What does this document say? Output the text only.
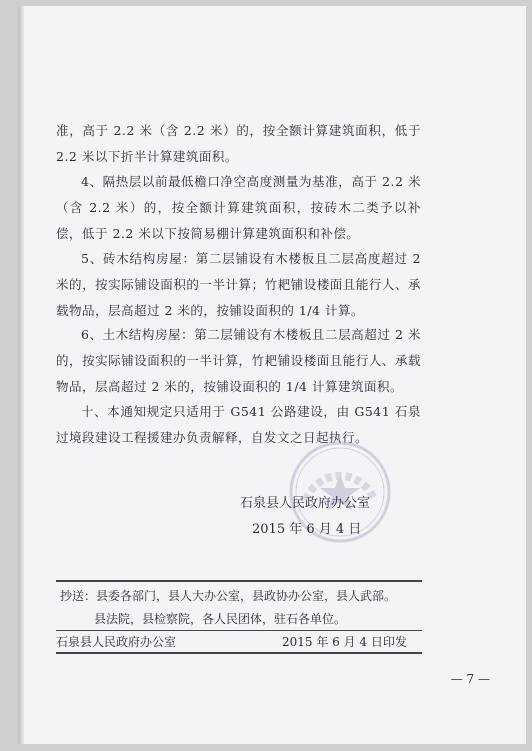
准，高于 2.2 米（含 2.2 米）的，按全额计算建筑面积，低于 2.2 米以下折半计算建筑面积。

4、隔热层以前最低檐口净空高度测量为基准，高于 2.2 米（含 2.2 米）的，按全额计算建筑面积，按砖木二类予以补偿，低于 2.2 米以下按简易棚计算建筑面积和补偿。

5、砖木结构房屋：第二层铺设有木楼板且二层高度超过 2 米的，按实际铺设面积的一半计算；竹耙铺设楼面且能行人、承载物品，层高超过 2 米的，按铺设面积的 1/4 计算。

6、土木结构房屋：第二层铺设有木楼板且二层高超过 2 米的，按实际铺设面积的一半计算，竹耙铺设楼面且能行人、承载物品，层高超过 2 米的，按铺设面积的 1/4 计算建筑面积。

十、本通知规定只适用于 G541 公路建设，由 G541 石泉过境段建设工程援建办负责解释，自发文之日起执行。

石泉县人民政府办公室
2015 年 6 月 4 日
抄送：县委各部门，县人大办公室，县政协办公室，县人武部。
县法院，县检察院，各人民团体，驻石各单位。
石泉县人民政府办公室	2015 年 6 月 4 日印发
— 7 —
